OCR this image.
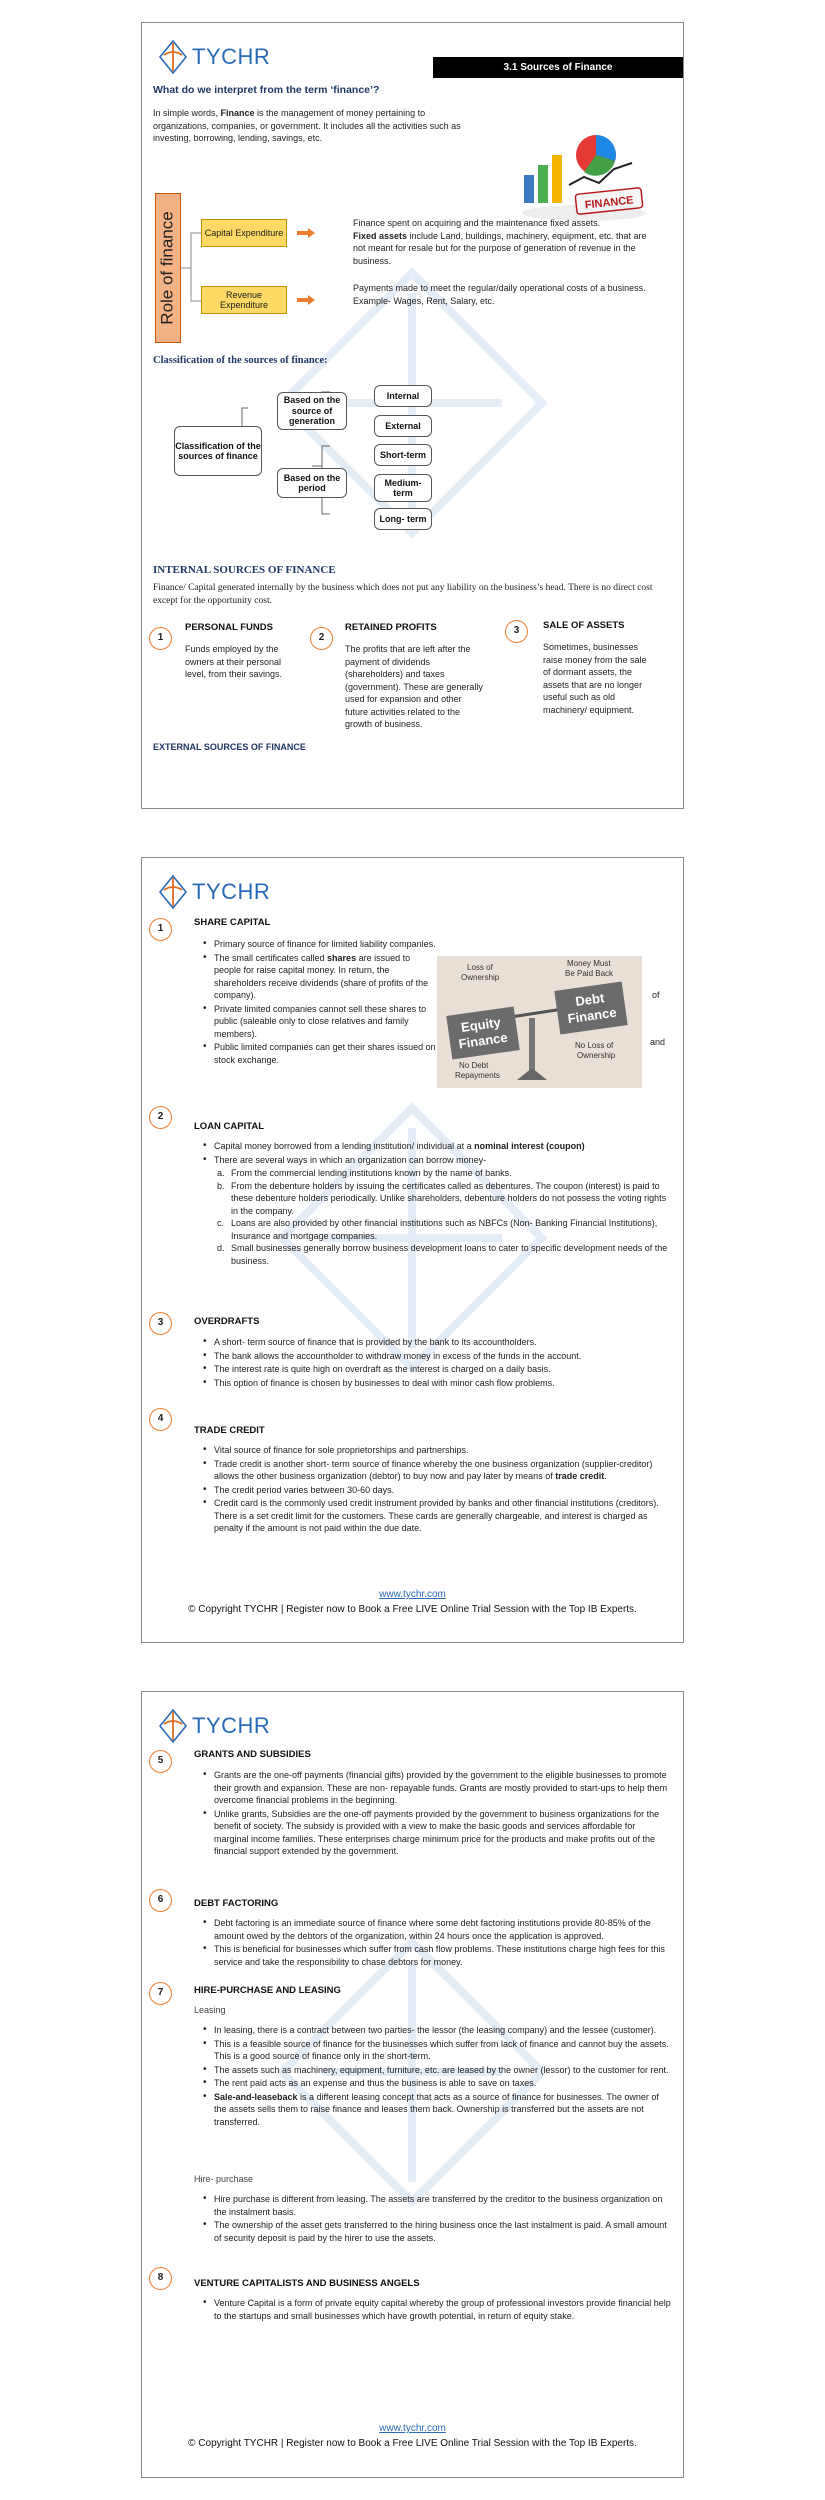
TYCHR	3.1 Sources of Finance
What do we interpret from the term ‘finance’?
In simple words, Finance is the management of money pertaining to organizations, companies, or government. It includes all the activities such as investing, borrowing, lending, savings, etc.
FINANCE
Role of finance	Capital Expenditure
Revenue Expenditure
Finance spent on acquiring and the maintenance fixed assets.
Fixed assets include Land, buildings, machinery, equipment, etc. that are not meant for resale but for the purpose of generation of revenue in the business.
Payments made to meet the regular/daily operational costs of a business. Example- Wages, Rent, Salary, etc.
Classification of the sources of finance:
Classification of the sources of finance
Based on the source of generation
Based on the period
Internal
External
Short-term
Medium-term
Long- term
INTERNAL SOURCES OF FINANCE
Finance/ Capital generated internally by the business which does not put any liability on the business’s head. There is no direct cost except for the opportunity cost.
1
PERSONAL FUNDS
Funds employed by the owners at their personal level, from their savings.
2
RETAINED PROFITS
The profits that are left after the payment of dividends (shareholders) and taxes (government). These are generally used for expansion and other future activities related to the growth of business.
3	SALE OF ASSETS
Sometimes, businesses raise money from the sale of dormant assets, the assets that are no longer useful such as old machinery/ equipment.
EXTERNAL SOURCES OF FINANCE
TYCHR
1
SHARE CAPITAL
• Primary source of finance for limited liability companies.
• The small certificates called shares are issued to people for raise capital money. In return, the shareholders receive dividends (share of profits of the company).
• Private limited companies cannot sell these shares to public (saleable only to close relatives and family members).
• Public limited companies can get their shares issued on stock exchange.
of
and
Equity
Finance
Debt
Finance
Loss of
Ownership
Money Must
Be Paid Back
No Debt
Repayments
No Loss of
Ownership
2
LOAN CAPITAL
• Capital money borrowed from a lending institution/ individual at a nominal interest (coupon)
• There are several ways in which an organization can borrow money-
a. From the commercial lending institutions known by the name of banks.
b. From the debenture holders by issuing the certificates called as debentures. The coupon (interest) is paid to these debenture holders periodically. Unlike shareholders, debenture holders do not possess the voting rights in the company.
c. Loans are also provided by other financial institutions such as NBFCs (Non- Banking Financial Institutions), Insurance and mortgage companies.
d. Small businesses generally borrow business development loans to cater to specific development needs of the business.
3	OVERDRAFTS
• A short- term source of finance that is provided by the bank to its accountholders.
• The bank allows the accountholder to withdraw money in excess of the funds in the account.
• The interest rate is quite high on overdraft as the interest is charged on a daily basis.
• This option of finance is chosen by businesses to deal with minor cash flow problems.
4
TRADE CREDIT
• Vital source of finance for sole proprietorships and partnerships.
• Trade credit is another short- term source of finance whereby the one business organization (supplier-creditor) allows the other business organization (debtor) to buy now and pay later by means of trade credit.
• The credit period varies between 30-60 days.
• Credit card is the commonly used credit instrument provided by banks and other financial institutions (creditors). There is a set credit limit for the customers. These cards are generally chargeable, and interest is charged as penalty if the amount is not paid within the due date.
www.tychr.com
© Copyright TYCHR | Register now to Book a Free LIVE Online Trial Session with the Top IB Experts.
TYCHR
5
GRANTS AND SUBSIDIES
• Grants are the one-off payments (financial gifts) provided by the government to the eligible businesses to promote their growth and expansion. These are non- repayable funds. Grants are mostly provided to start-ups to help them overcome financial problems in the beginning.
• Unlike grants, Subsidies are the one-off payments provided by the government to business organizations for the benefit of society. The subsidy is provided with a view to make the basic goods and services affordable for marginal income families. These enterprises charge minimum price for the products and make profits out of the financial support extended by the government.
6	DEBT FACTORING
• Debt factoring is an immediate source of finance where some debt factoring institutions provide 80-85% of the amount owed by the debtors of the organization, within 24 hours once the application is approved.
• This is beneficial for businesses which suffer from cash flow problems. These institutions charge high fees for this service and take the responsibility to chase debtors for money.
7	HIRE-PURCHASE AND LEASING
Leasing
• In leasing, there is a contract between two parties- the lessor (the leasing company) and the lessee (customer).
• This is a feasible source of finance for the businesses which suffer from lack of finance and cannot buy the assets. This is a good source of finance only in the short-term.
• The assets such as machinery, equipment, furniture, etc. are leased by the owner (lessor) to the customer for rent.
• The rent paid acts as an expense and thus the business is able to save on taxes.
• Sale-and-leaseback is a different leasing concept that acts as a source of finance for businesses. The owner of the assets sells them to raise finance and leases them back. Ownership is transferred but the assets are not transferred.
Hire- purchase
• Hire purchase is different from leasing. The assets are transferred by the creditor to the business organization on the instalment basis.
• The ownership of the asset gets transferred to the hiring business once the last instalment is paid. A small amount of security deposit is paid by the hirer to use the assets.
8
VENTURE CAPITALISTS AND BUSINESS ANGELS
• Venture Capital is a form of private equity capital whereby the group of professional investors provide financial help to the startups and small businesses which have growth potential, in return of equity stake.
www.tychr.com
© Copyright TYCHR | Register now to Book a Free LIVE Online Trial Session with the Top IB Experts.
